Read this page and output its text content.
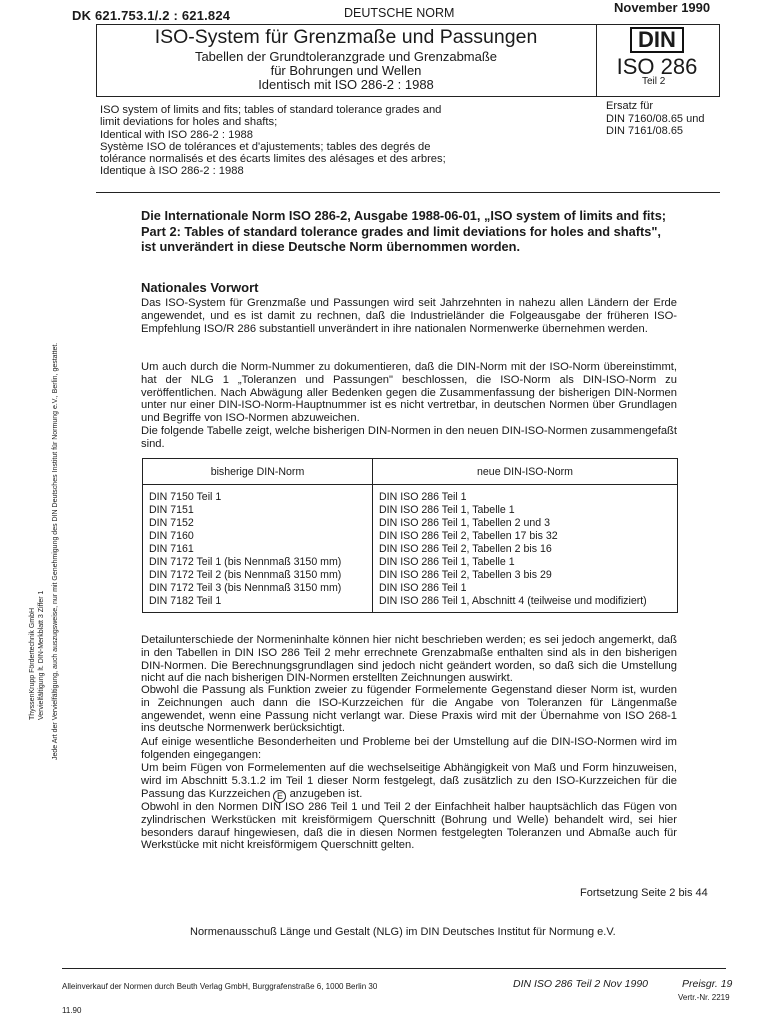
DK 621.753.1/.2 : 621.824	DEUTSCHE NORM	November 1990
ISO-System für Grenzmaße und Passungen
Tabellen der Grundtoleranzgrade und Grenzabmaße
für Bohrungen und Wellen
Identisch mit ISO 286-2 : 1988
DIN
ISO 286
Teil 2
ISO system of limits and fits; tables of standard tolerance grades and
limit deviations for holes and shafts;
Identical with ISO 286-2 : 1988
Système ISO de tolérances et d'ajustements; tables des degrés de
tolérance normalisés et des écarts limites des alésages et des arbres;
Identique à ISO 286-2 : 1988
Ersatz für
DIN 7160/08.65 und
DIN 7161/08.65
Die Internationale Norm ISO 286-2, Ausgabe 1988-06-01, „ISO system of limits and fits; Part 2: Tables of standard tolerance grades and limit deviations for holes and shafts", ist unverändert in diese Deutsche Norm übernommen worden.
Nationales Vorwort
Das ISO-System für Grenzmaße und Passungen wird seit Jahrzehnten in nahezu allen Ländern der Erde angewendet, und es ist damit zu rechnen, daß die Industrieländer die Folgeausgabe der früheren ISO-Empfehlung ISO/R 286 substantiell unverändert in ihre nationalen Normenwerke übernehmen werden.
Um auch durch die Norm-Nummer zu dokumentieren, daß die DIN-Norm mit der ISO-Norm übereinstimmt, hat der NLG 1 „Toleranzen und Passungen" beschlossen, die ISO-Norm als DIN-ISO-Norm zu veröffentlichen. Nach Abwägung aller Bedenken gegen die Zusammenfassung der bisherigen DIN-Normen unter nur einer DIN-ISO-Norm-Hauptnummer ist es nicht vertretbar, in deutschen Normen über Grundlagen und Begriffe von ISO-Normen abzuweichen.
Die folgende Tabelle zeigt, welche bisherigen DIN-Normen in den neuen DIN-ISO-Normen zusammengefaßt sind.
bisherige DIN-Norm	neue DIN-ISO-Norm
DIN 7150 Teil 1	DIN ISO 286 Teil 1
DIN 7151	DIN ISO 286 Teil 1, Tabelle 1
DIN 7152	DIN ISO 286 Teil 1, Tabellen 2 und 3
DIN 7160	DIN ISO 286 Teil 2, Tabellen 17 bis 32
DIN 7161	DIN ISO 286 Teil 2, Tabellen 2 bis 16
DIN 7172 Teil 1 (bis Nennmaß 3150 mm)	DIN ISO 286 Teil 1, Tabelle 1
DIN 7172 Teil 2 (bis Nennmaß 3150 mm)	DIN ISO 286 Teil 2, Tabellen 3 bis 29
DIN 7172 Teil 3 (bis Nennmaß 3150 mm)	DIN ISO 286 Teil 1
DIN 7182 Teil 1	DIN ISO 286 Teil 1, Abschnitt 4 (teilweise und modifiziert)
Detailunterschiede der Normeninhalte können hier nicht beschrieben werden; es sei jedoch angemerkt, daß in den Tabellen in DIN ISO 286 Teil 2 mehr errechnete Grenzabmaße enthalten sind als in den bisherigen DIN-Normen. Die Berechnungsgrundlagen sind jedoch nicht geändert worden, so daß sich die Umstellung nicht auf die nach bisherigen DIN-Normen erstellten Zeichnungen auswirkt.
Obwohl die Passung als Funktion zweier zu fügender Formelemente Gegenstand dieser Norm ist, wurden in Zeichnungen auch dann die ISO-Kurzzeichen für die Angabe von Toleranzen für Längenmaße angewendet, wenn eine Passung nicht verlangt war. Diese Praxis wird mit der Übernahme von ISO 268-1 ins deutsche Normenwerk berücksichtigt.
Auf einige wesentliche Besonderheiten und Probleme bei der Umstellung auf die DIN-ISO-Normen wird im folgenden eingegangen:
Um beim Fügen von Formelementen auf die wechselseitige Abhängigkeit von Maß und Form hinzuweisen, wird im Abschnitt 5.3.1.2 im Teil 1 dieser Norm festgelegt, daß zusätzlich zu den ISO-Kurzzeichen für die Passung das Kurzzeichen E anzugeben ist.
Obwohl in den Normen DIN ISO 286 Teil 1 und Teil 2 der Einfachheit halber hauptsächlich das Fügen von zylindrischen Werkstücken mit kreisförmigem Querschnitt (Bohrung und Welle) behandelt wird, sei hier besonders darauf hingewiesen, daß die in diesen Normen festgelegten Toleranzen und Abmaße auch für Werkstücke mit nicht kreisförmigem Querschnitt gelten.
Fortsetzung Seite 2 bis 44
Normenausschuß Länge und Gestalt (NLG) im DIN Deutsches Institut für Normung e.V.
Alleinverkauf der Normen durch Beuth Verlag GmbH, Burggrafenstraße 6, 1000 Berlin 30
11.90
DIN ISO 286 Teil 2 Nov 1990	Preisgr. 19
Vertr.-Nr. 2219
ThyssenKrupp Fördertechnik GmbH Vervielfältigung lt. DIN-Merkblatt 3 Ziffer 1 Jede Art der Vervielfältigung, auch auszugsweise, nur mit Genehmigung des DIN Deutsches Institut für Normung e.V., Berlin, gestattet.
